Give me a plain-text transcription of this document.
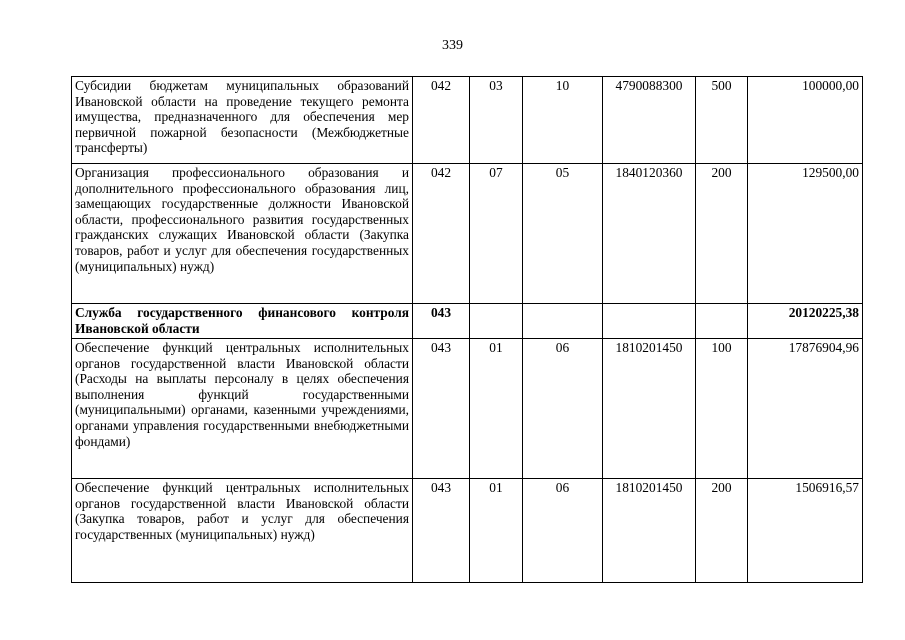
339
Субсидии бюджетам муниципальных образований Ивановской области на проведение текущего ремонта имущества, предназначенного для обеспечения мер первичной пожарной безопасности (Межбюджетные трансферты)	042	03	10	4790088300	500	100000,00
Организация профессионального образования и дополнительного профессионального образования лиц, замещающих государственные должности Ивановской области, профессионального развития государственных гражданских служащих Ивановской области (Закупка товаров, работ и услуг для обеспечения государственных (муниципальных) нужд)	042	07	05	1840120360	200	129500,00
Служба государственного финансового контроля Ивановской области	043					20120225,38
Обеспечение функций центральных исполнительных органов государственной власти Ивановской области (Расходы на выплаты персоналу в целях обеспечения выполнения функций государственными (муниципальными) органами, казенными учреждениями, органами управления государственными внебюджетными фондами)	043	01	06	1810201450	100	17876904,96
Обеспечение функций центральных исполнительных органов государственной власти Ивановской области (Закупка товаров, работ и услуг для обеспечения государственных (муниципальных) нужд)	043	01	06	1810201450	200	1506916,57
